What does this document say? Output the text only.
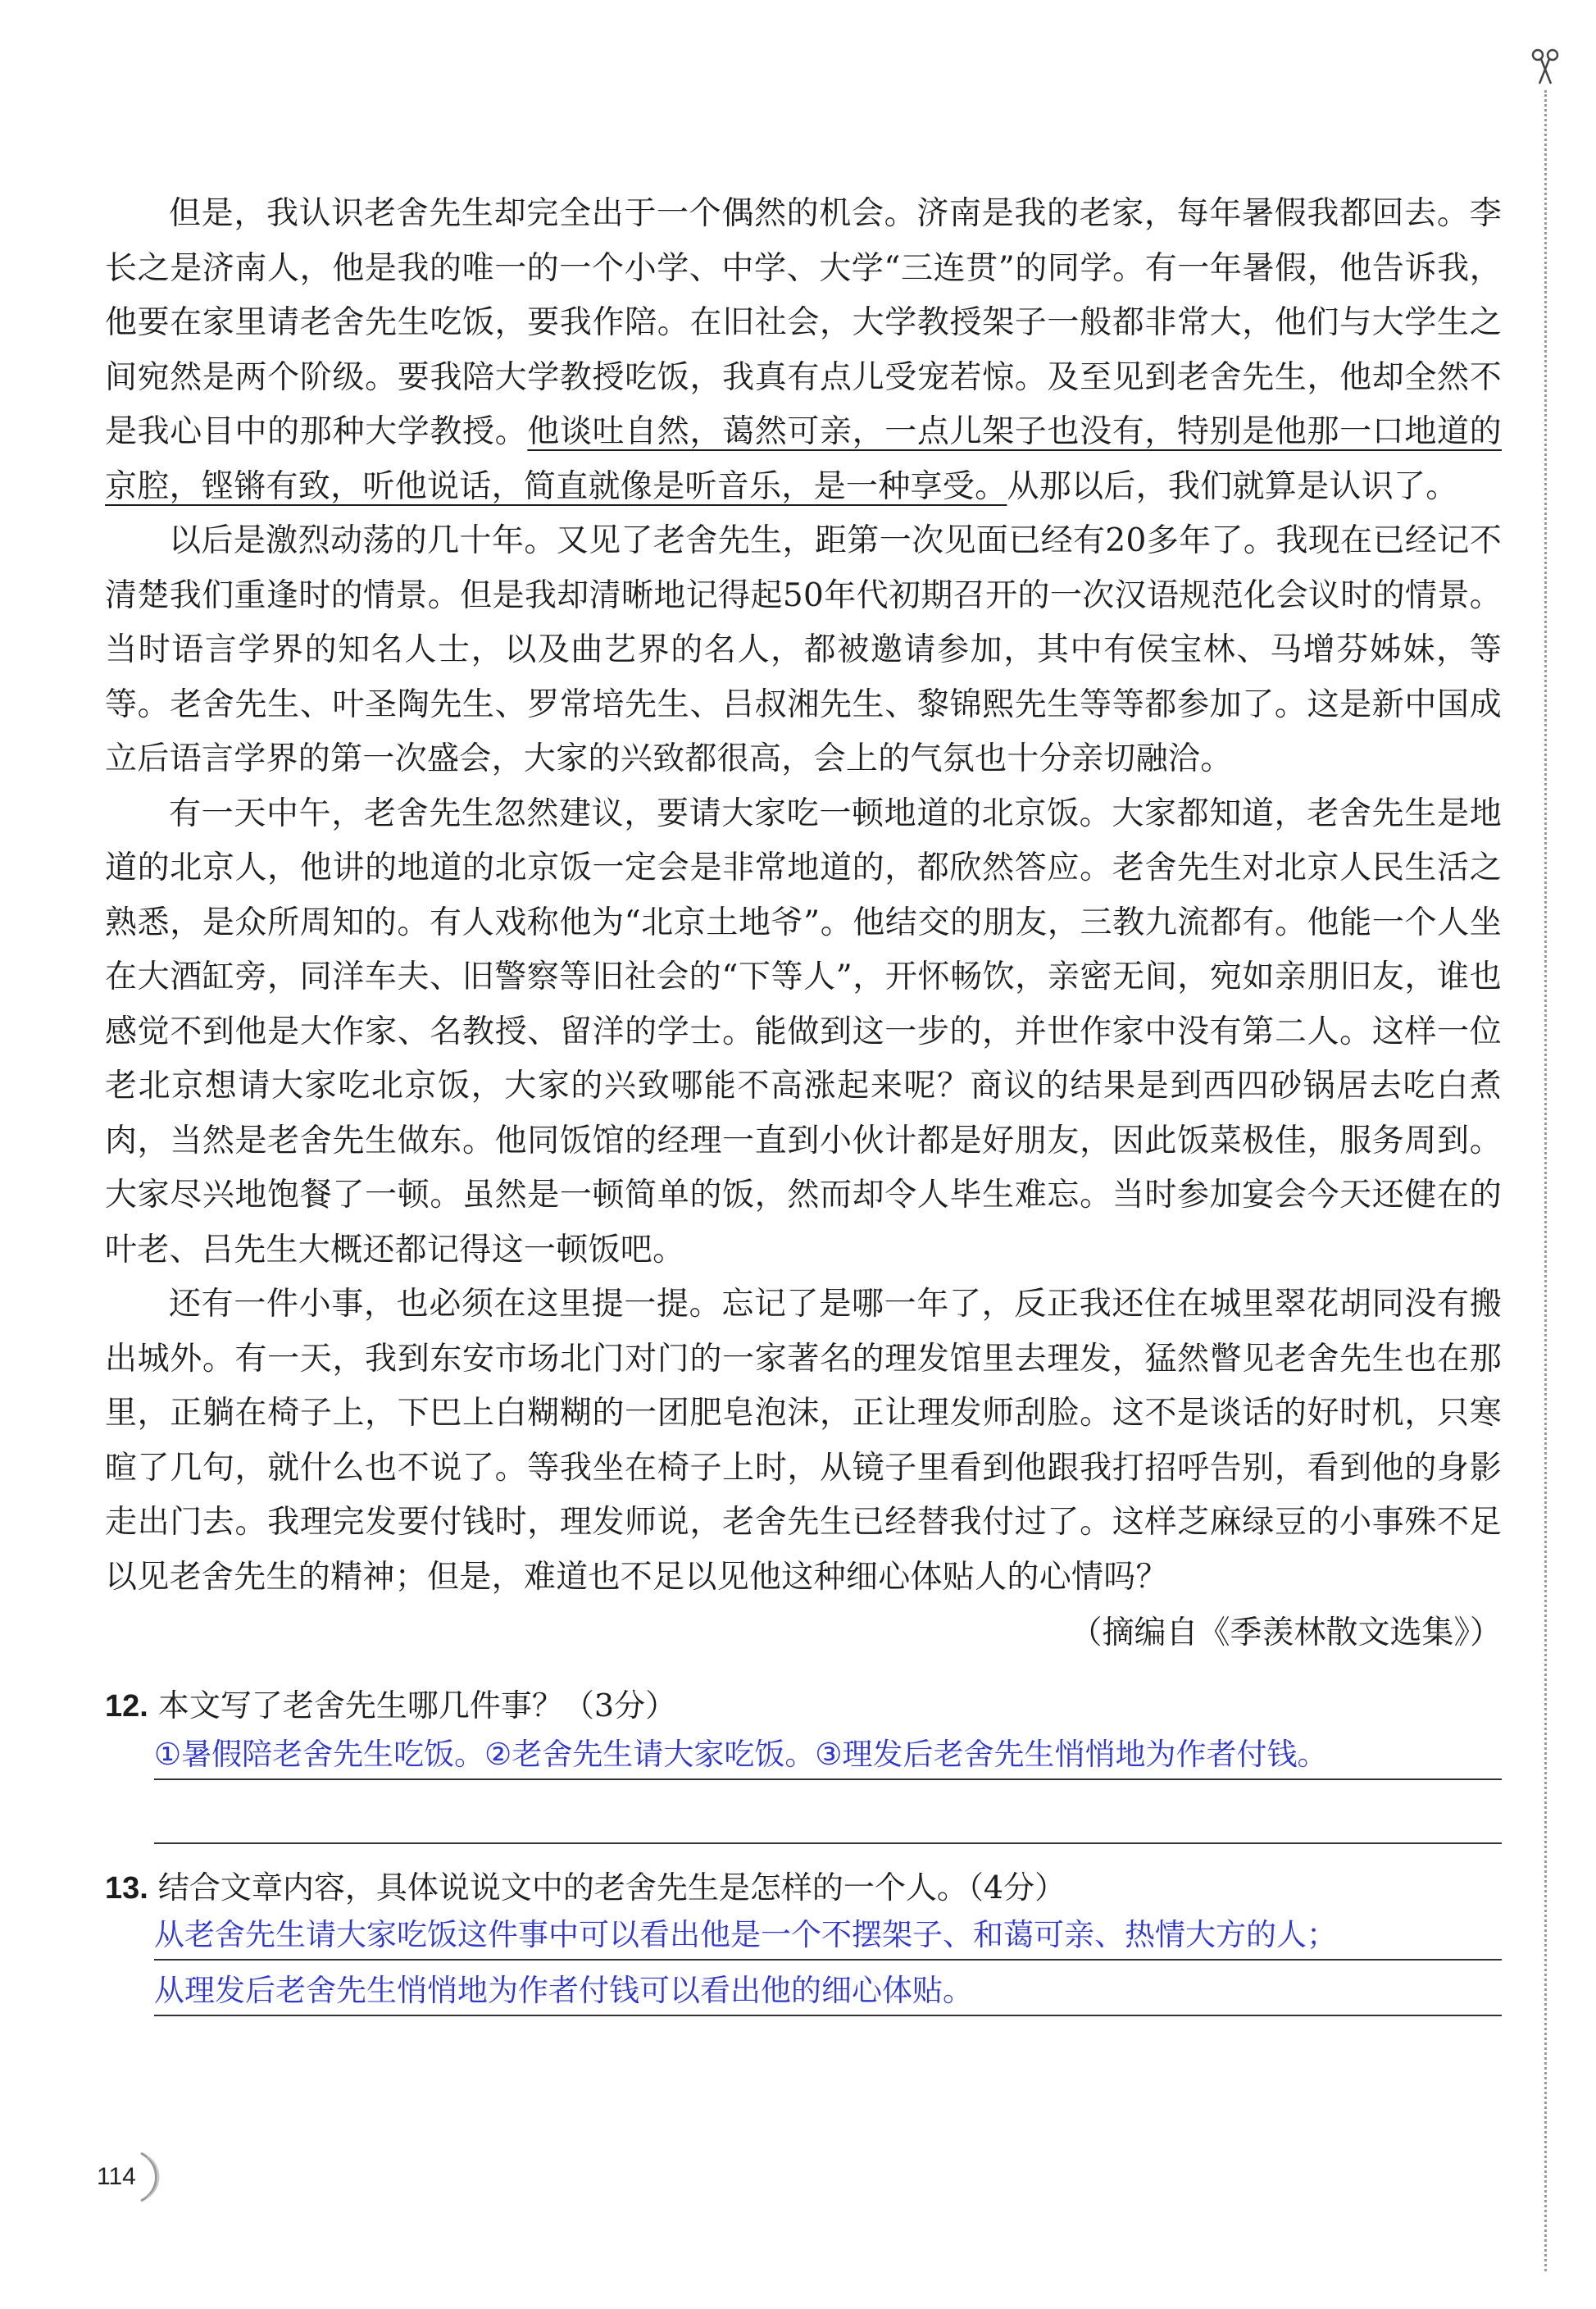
但是，我认识老舍先生却完全出于一个偶然的机会。济南是我的老家，每年暑假我都回去。李长之是济南人，他是我的唯一的一个小学、中学、大学“三连贯”的同学。有一年暑假，他告诉我，他要在家里请老舍先生吃饭，要我作陪。在旧社会，大学教授架子一般都非常大，他们与大学生之间宛然是两个阶级。要我陪大学教授吃饭，我真有点儿受宠若惊。及至见到老舍先生，他却全然不是我心目中的那种大学教授。他谈吐自然，蔼然可亲，一点儿架子也没有，特别是他那一口地道的京腔，铿锵有致，听他说话，简直就像是听音乐，是一种享受。从那以后，我们就算是认识了。

以后是激烈动荡的几十年。又见了老舍先生，距第一次见面已经有20多年了。我现在已经记不清楚我们重逢时的情景。但是我却清晰地记得起50年代初期召开的一次汉语规范化会议时的情景。当时语言学界的知名人士，以及曲艺界的名人，都被邀请参加，其中有侯宝林、马增芬姊妹，等等。老舍先生、叶圣陶先生、罗常培先生、吕叔湘先生、黎锦熙先生等等都参加了。这是新中国成立后语言学界的第一次盛会，大家的兴致都很高，会上的气氛也十分亲切融洽。

有一天中午，老舍先生忽然建议，要请大家吃一顿地道的北京饭。大家都知道，老舍先生是地道的北京人，他讲的地道的北京饭一定会是非常地道的，都欣然答应。老舍先生对北京人民生活之熟悉，是众所周知的。有人戏称他为“北京土地爷”。他结交的朋友，三教九流都有。他能一个人坐在大酒缸旁，同洋车夫、旧警察等旧社会的“下等人”，开怀畅饮，亲密无间，宛如亲朋旧友，谁也感觉不到他是大作家、名教授、留洋的学士。能做到这一步的，并世作家中没有第二人。这样一位老北京想请大家吃北京饭，大家的兴致哪能不高涨起来呢？商议的结果是到西四砂锅居去吃白煮肉，当然是老舍先生做东。他同饭馆的经理一直到小伙计都是好朋友，因此饭菜极佳，服务周到。大家尽兴地饱餐了一顿。虽然是一顿简单的饭，然而却令人毕生难忘。当时参加宴会今天还健在的叶老、吕先生大概还都记得这一顿饭吧。

还有一件小事，也必须在这里提一提。忘记了是哪一年了，反正我还住在城里翠花胡同没有搬出城外。有一天，我到东安市场北门对门的一家著名的理发馆里去理发，猛然瞥见老舍先生也在那里，正躺在椅子上，下巴上白糊糊的一团肥皂泡沫，正让理发师刮脸。这不是谈话的好时机，只寒暄了几句，就什么也不说了。等我坐在椅子上时，从镜子里看到他跟我打招呼告别，看到他的身影走出门去。我理完发要付钱时，理发师说，老舍先生已经替我付过了。这样芝麻绿豆的小事殊不足以见老舍先生的精神；但是，难道也不足以见他这种细心体贴人的心情吗？

（摘编自《季羡林散文选集》）

12. 本文写了老舍先生哪几件事？（3分）

①暑假陪老舍先生吃饭。②老舍先生请大家吃饭。③理发后老舍先生悄悄地为作者付钱。

13. 结合文章内容，具体说说文中的老舍先生是怎样的一个人。（4分）

从老舍先生请大家吃饭这件事中可以看出他是一个不摆架子、和蔼可亲、热情大方的人；
从理发后老舍先生悄悄地为作者付钱可以看出他的细心体贴。
114
